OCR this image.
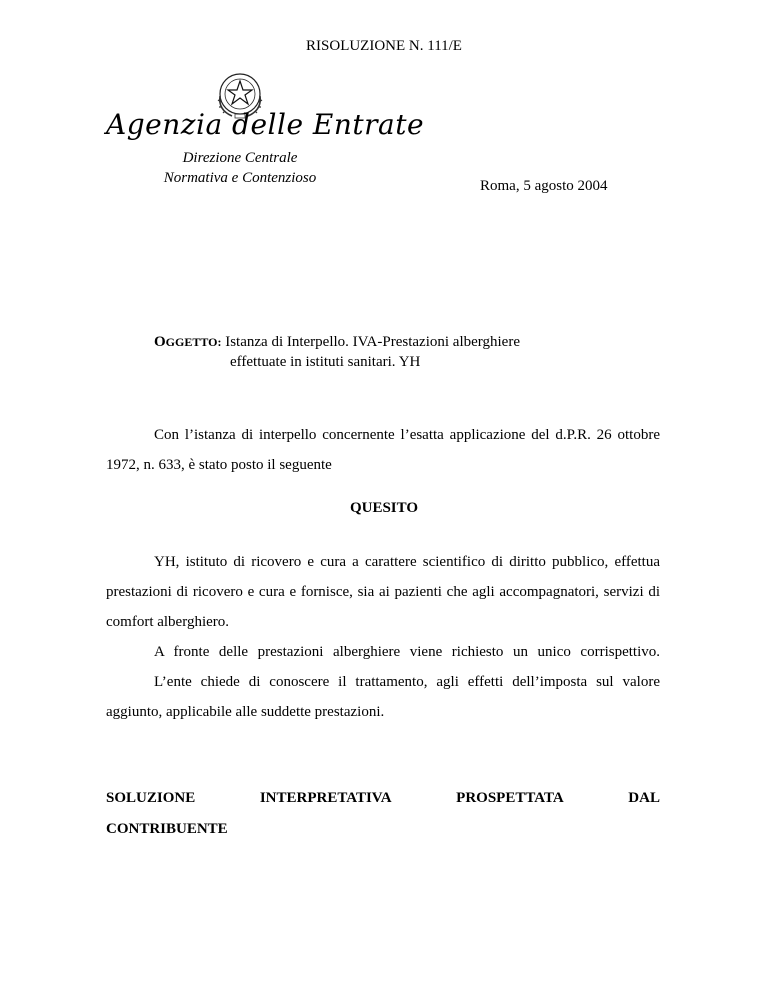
RISOLUZIONE N. 111/E
Agenzia delle Entrate
Direzione Centrale
Normativa e Contenzioso	Roma, 5 agosto 2004
OGGETTO: Istanza di Interpello. IVA-Prestazioni alberghiere
effettuate in istituti sanitari. YH
Con l’istanza di interpello concernente l’esatta applicazione del d.P.R. 26 ottobre 1972, n. 633, è stato posto il seguente
QUESITO
YH, istituto di ricovero e cura a carattere scientifico di diritto pubblico, effettua prestazioni di ricovero e cura e fornisce, sia ai pazienti che agli accompagnatori, servizi di comfort alberghiero.
A fronte delle prestazioni alberghiere viene richiesto un unico corrispettivo.
L’ente chiede di conoscere il trattamento, agli effetti dell’imposta sul valore aggiunto, applicabile alle suddette prestazioni.
SOLUZIONE	INTERPRETATIVA	PROSPETTATA	DAL
CONTRIBUENTE
